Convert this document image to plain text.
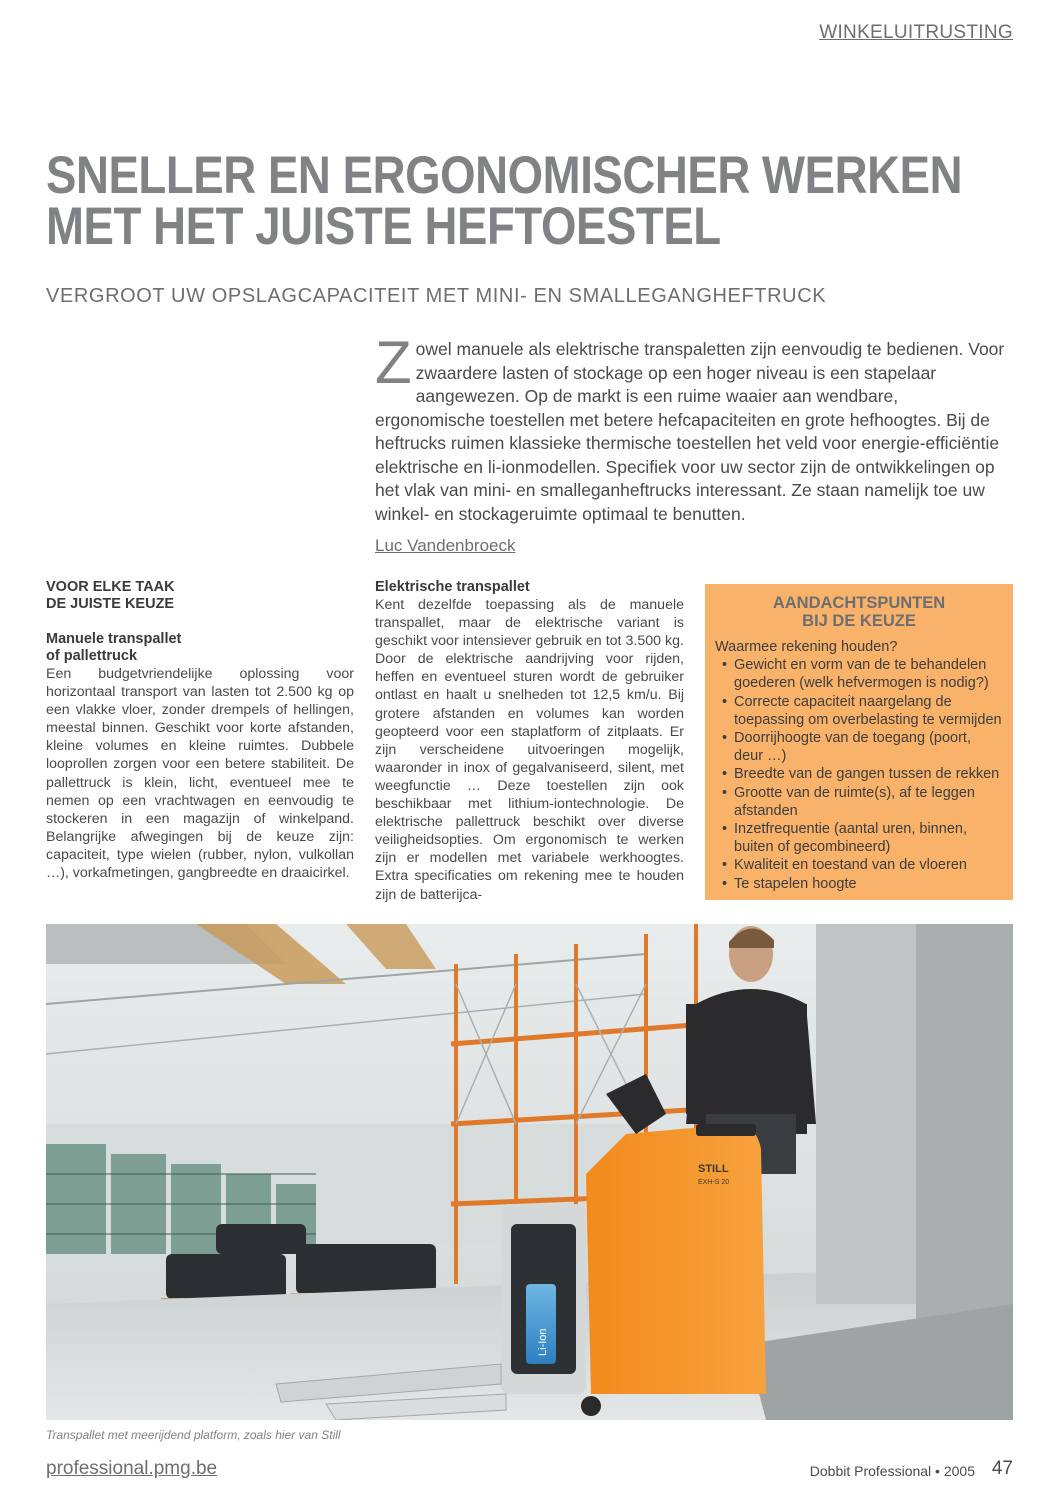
WINKELUITRUSTING
SNELLER EN ERGONOMISCHER WERKEN
MET HET JUISTE HEFTOESTEL
VERGROOT UW OPSLAGCAPACITEIT MET MINI- EN SMALLEGANGHEFTRUCK
Zowel manuele als elektrische transpaletten zijn eenvoudig te bedienen. Voor zwaardere lasten of stockage op een hoger niveau is een stapelaar aangewezen. Op de markt is een ruime waaier aan wendbare, ergonomische toestellen met betere hefcapaciteiten en grote hefhoogtes. Bij de heftrucks ruimen klassieke thermische toestellen het veld voor energie-efficiëntie elektrische en li-ionmodellen. Specifiek voor uw sector zijn de ontwikkelingen op het vlak van mini- en smalleganheftrucks interessant. Ze staan namelijk toe uw winkel- en stockageruimte optimaal te benutten.
Luc Vandenbroeck
VOOR ELKE TAAK
DE JUISTE KEUZE
Manuele transpallet
of pallettruck
Een budgetvriendelijke oplossing voor horizontaal transport van lasten tot 2.500 kg op een vlakke vloer, zonder drempels of hellingen, meestal binnen. Geschikt voor korte afstanden, kleine volumes en kleine ruimtes. Dubbele looprollen zorgen voor een betere stabiliteit. De pallettruck is klein, licht, eventueel mee te nemen op een vrachtwagen en eenvoudig te stockeren in een magazijn of winkelpand. Belangrijke afwegingen bij de keuze zijn: capaciteit, type wielen (rubber, nylon, vulkollan …), vorkafmetingen, gangbreedte en draaicirkel.
Elektrische transpallet
Kent dezelfde toepassing als de manuele transpallet, maar de elektrische variant is geschikt voor intensiever gebruik en tot 3.500 kg. Door de elektrische aandrijving voor rijden, heffen en eventueel sturen wordt de gebruiker ontlast en haalt u snelheden tot 12,5 km/u. Bij grotere afstanden en volumes kan worden geopteerd voor een staplatform of zitplaats. Er zijn verscheidene uitvoeringen mogelijk, waaronder in inox of gegalvaniseerd, silent, met weegfunctie … Deze toestellen zijn ook beschikbaar met lithium-iontechnologie. De elektrische pallettruck beschikt over diverse veiligheidsopties. Om ergonomisch te werken zijn er modellen met variabele werkhoogtes. Extra specificaties om rekening mee te houden zijn de batterijca-
AANDACHTSPUNTEN
BIJ DE KEUZE
Waarmee rekening houden?
• Gewicht en vorm van de te behandelen goederen (welk hefvermogen is nodig?)
• Correcte capaciteit naargelang de toepassing om overbelasting te vermijden
• Doorrijhoogte van de toegang (poort, deur …)
• Breedte van de gangen tussen de rekken
• Grootte van de ruimte(s), af te leggen afstanden
• Inzetfrequentie (aantal uren, binnen, buiten of gecombineerd)
• Kwaliteit en toestand van de vloeren
• Te stapelen hoogte
STILL
EXH-S 20
Li-Ion
Transpallet met meerijdend platform, zoals hier van Still
professional.pmg.be	Dobbit Professional • 2005 47
